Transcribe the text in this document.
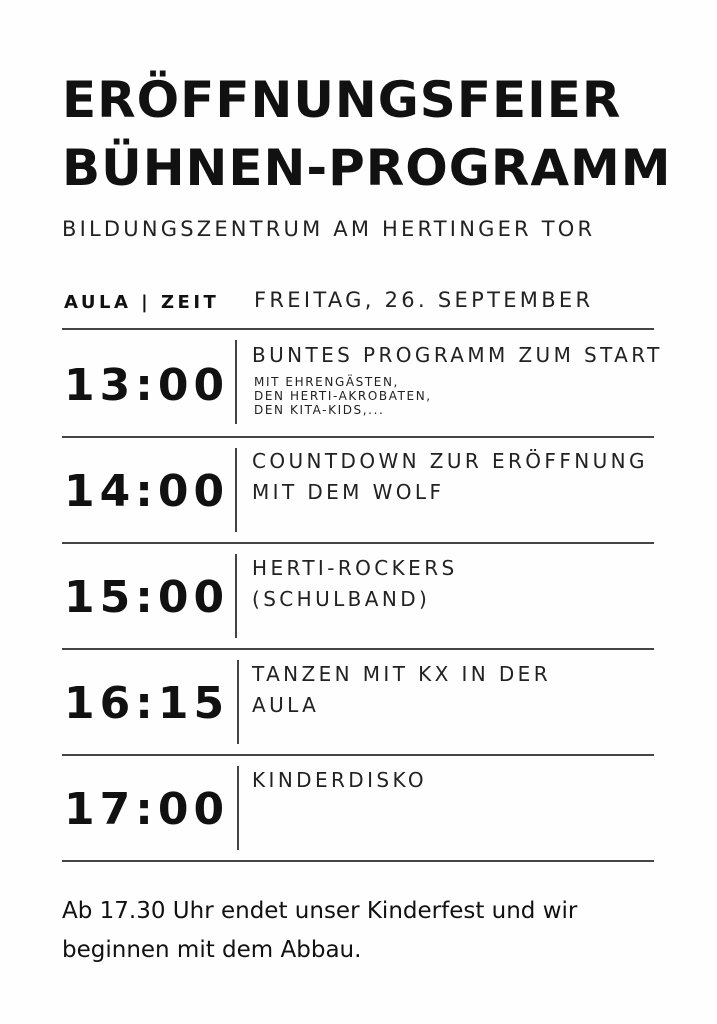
ERÖFFNUNGSFEIER
BÜHNEN-PROGRAMM
BILDUNGSZENTRUM AM HERTINGER TOR
AULA | ZEIT FREITAG, 26. SEPTEMBER
13:00
BUNTES PROGRAMM ZUM START
MIT EHRENGÄSTEN,
DEN HERTI-AKROBATEN,
DEN KITA-KIDS,...
14:00
COUNTDOWN ZUR ERÖFFNUNG
MIT DEM WOLF
15:00
HERTI-ROCKERS
(SCHULBAND)
16:15
TANZEN MIT KX IN DER
AULA
17:00
KINDERDISKO
Ab 17.30 Uhr endet unser Kinderfest und wir beginnen mit dem Abbau.
